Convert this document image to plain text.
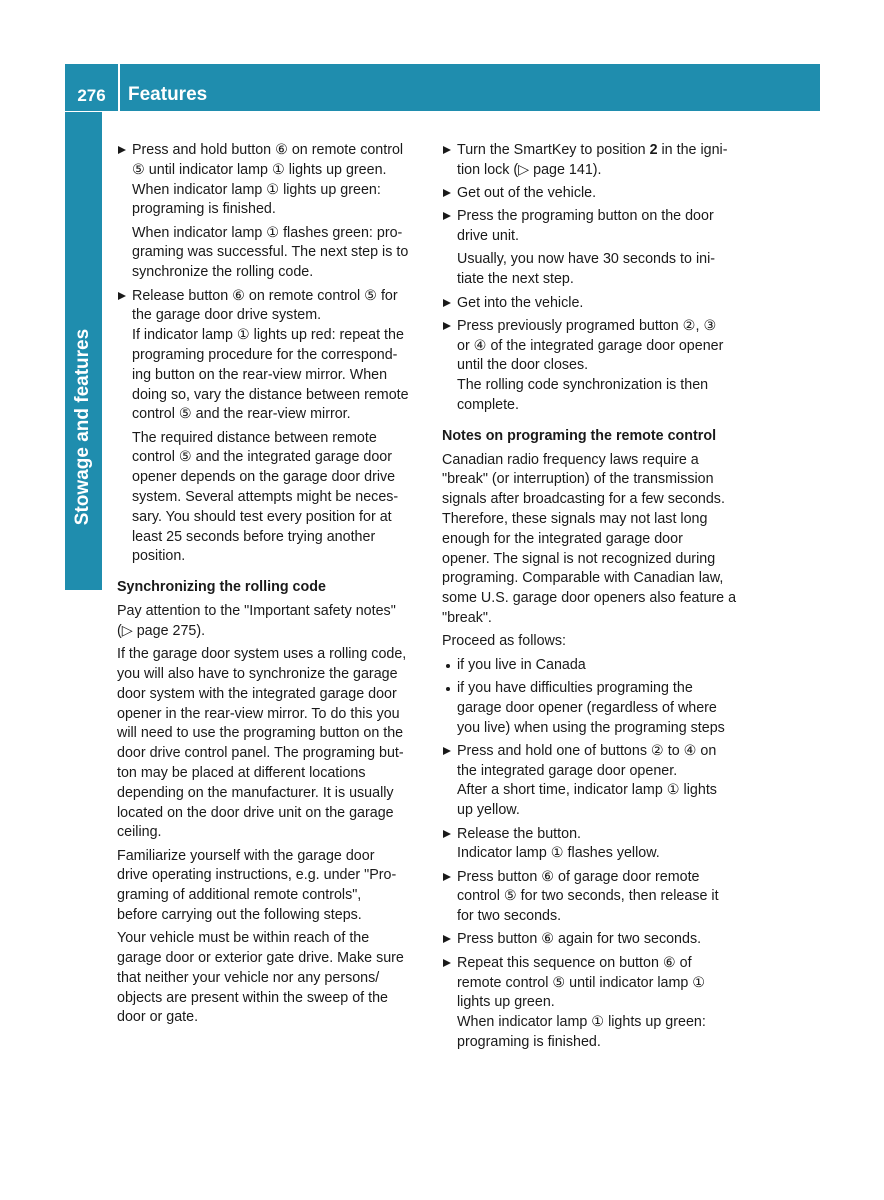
276	Features
Stowage and features
Press and hold button ⑥ on remote control
⑤ until indicator lamp ① lights up green.
When indicator lamp ① lights up green:
programing is finished.
When indicator lamp ① flashes green: pro-
graming was successful. The next step is to
synchronize the rolling code.
Release button ⑥ on remote control ⑤ for
the garage door drive system.
If indicator lamp ① lights up red: repeat the
programing procedure for the correspond-
ing button on the rear-view mirror. When
doing so, vary the distance between remote
control ⑤ and the rear-view mirror.
The required distance between remote
control ⑤ and the integrated garage door
opener depends on the garage door drive
system. Several attempts might be neces-
sary. You should test every position for at
least 25 seconds before trying another
position.
Synchronizing the rolling code
Pay attention to the "Important safety notes"
(▷ page 275).
If the garage door system uses a rolling code,
you will also have to synchronize the garage
door system with the integrated garage door
opener in the rear-view mirror. To do this you
will need to use the programing button on the
door drive control panel. The programing but-
ton may be placed at different locations
depending on the manufacturer. It is usually
located on the door drive unit on the garage
ceiling.
Familiarize yourself with the garage door
drive operating instructions, e.g. under "Pro-
graming of additional remote controls",
before carrying out the following steps.
Your vehicle must be within reach of the
garage door or exterior gate drive. Make sure
that neither your vehicle nor any persons/
objects are present within the sweep of the
door or gate.
Turn the SmartKey to position 2 in the igni-
tion lock (▷ page 141).
Get out of the vehicle.
Press the programing button on the door
drive unit.
Usually, you now have 30 seconds to ini-
tiate the next step.
Get into the vehicle.
Press previously programed button ②, ③
or ④ of the integrated garage door opener
until the door closes.
The rolling code synchronization is then
complete.
Notes on programing the remote control
Canadian radio frequency laws require a
"break" (or interruption) of the transmission
signals after broadcasting for a few seconds.
Therefore, these signals may not last long
enough for the integrated garage door
opener. The signal is not recognized during
programing. Comparable with Canadian law,
some U.S. garage door openers also feature a
"break".
Proceed as follows:
if you live in Canada
if you have difficulties programing the
garage door opener (regardless of where
you live) when using the programing steps
Press and hold one of buttons ② to ④ on
the integrated garage door opener.
After a short time, indicator lamp ① lights
up yellow.
Release the button.
Indicator lamp ① flashes yellow.
Press button ⑥ of garage door remote
control ⑤ for two seconds, then release it
for two seconds.
Press button ⑥ again for two seconds.
Repeat this sequence on button ⑥ of
remote control ⑤ until indicator lamp ①
lights up green.
When indicator lamp ① lights up green:
programing is finished.
